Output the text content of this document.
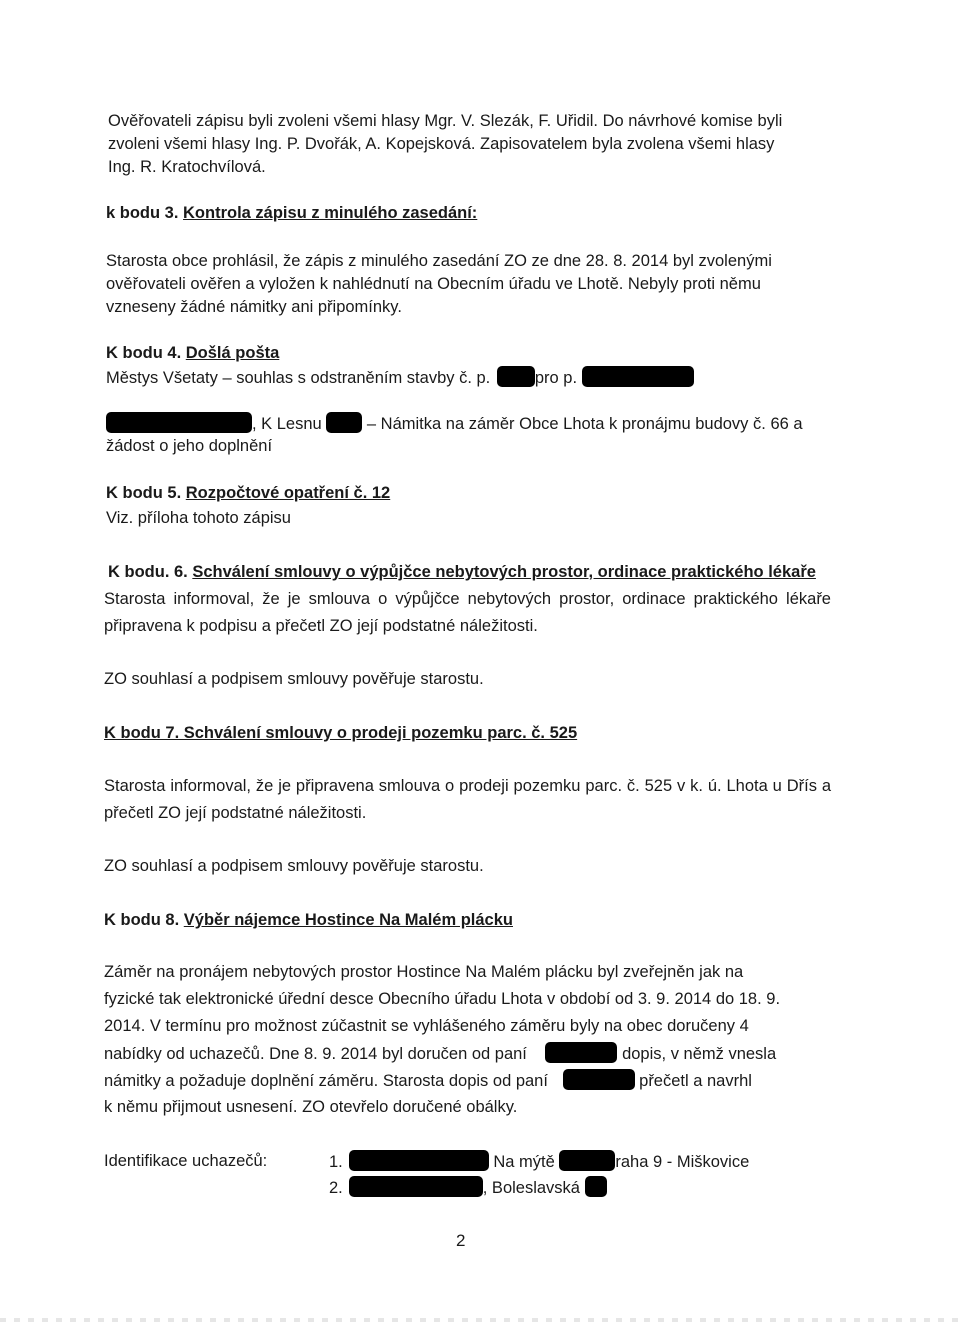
Ověřovateli zápisu byli zvoleni všemi hlasy Mgr. V. Slezák, F. Uřidil. Do návrhové komise byli
zvoleni všemi hlasy Ing. P. Dvořák, A. Kopejsková. Zapisovatelem byla zvolena všemi hlasy
Ing. R. Kratochvílová.
k bodu 3. Kontrola zápisu z minulého zasedání:
Starosta obce prohlásil, že zápis z minulého zasedání ZO ze dne 28. 8. 2014 byl zvolenými
ověřovateli ověřen a vyložen k nahlédnutí na Obecním úřadu ve Lhotě. Nebyly proti němu
vzneseny žádné námitky ani připomínky.
K bodu 4. Došlá pošta
Městys Všetaty – souhlas s odstraněním stavby č. p.	pro p.
, K Lesnu	– Námitka na záměr Obce Lhota k pronájmu budovy č. 66 a
žádost o jeho doplnění
K bodu 5. Rozpočtové opatření č. 12
Viz. příloha tohoto zápisu
K bodu. 6. Schválení smlouvy o výpůjčce nebytových prostor, ordinace praktického lékaře
Starosta informoval, že je smlouva o výpůjčce nebytových prostor, ordinace praktického lékaře připravena k podpisu a přečetl ZO její podstatné náležitosti.
ZO souhlasí a podpisem smlouvy pověřuje starostu.
K bodu 7. Schválení smlouvy o prodeji pozemku parc. č. 525
Starosta informoval, že je připravena smlouva o prodeji pozemku parc. č. 525 v k. ú. Lhota u Dřís a přečetl ZO její podstatné náležitosti.
ZO souhlasí a podpisem smlouvy pověřuje starostu.
K bodu 8. Výběr nájemce Hostince Na Malém plácku
Záměr na pronájem nebytových prostor Hostince Na Malém plácku byl zveřejněn jak na
fyzické tak elektronické úřední desce Obecního úřadu Lhota v období od 3. 9. 2014 do 18. 9.
2014. V termínu pro možnost zúčastnit se vyhlášeného záměru byly na obec doručeny 4
nabídky od uchazečů. Dne 8. 9. 2014 byl doručen od paní	dopis, v němž vnesla
námitky a požaduje doplnění záměru. Starosta dopis od paní	přečetl a navrhl
k němu přijmout usnesení. ZO otevřelo doručené obálky.
Identifikace uchazečů:	1.	Na mýtě	raha 9 - Miškovice
2.	, Boleslavská
2
